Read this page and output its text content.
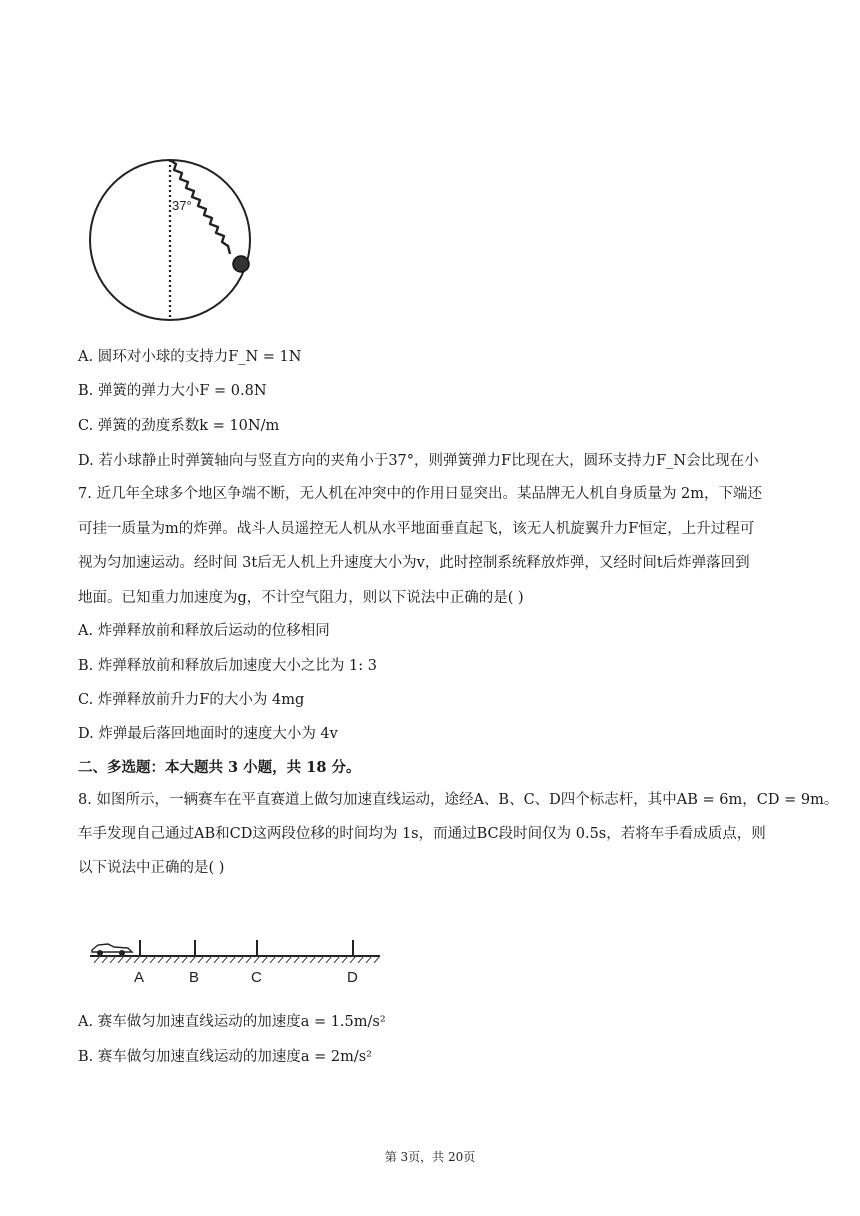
37°
A. 圆环对小球的支持力F_N = 1N
B. 弹簧的弹力大小F = 0.8N
C. 弹簧的劲度系数k = 10N/m
D. 若小球静止时弹簧轴向与竖直方向的夹角小于37°，则弹簧弹力F比现在大，圆环支持力F_N会比现在小
7. 近几年全球多个地区争端不断，无人机在冲突中的作用日显突出。某品牌无人机自身质量为 2m，下端还
可挂一质量为m的炸弹。战斗人员遥控无人机从水平地面垂直起飞，该无人机旋翼升力F恒定，上升过程可
视为匀加速运动。经时间 3t后无人机上升速度大小为v，此时控制系统释放炸弹，又经时间t后炸弹落回到
地面。已知重力加速度为g，不计空气阻力，则以下说法中正确的是( )
A. 炸弹释放前和释放后运动的位移相同
B. 炸弹释放前和释放后加速度大小之比为 1: 3
C. 炸弹释放前升力F的大小为 4mg
D. 炸弹最后落回地面时的速度大小为 4v
二、多选题：本大题共 3 小题，共 18 分。
8. 如图所示，一辆赛车在平直赛道上做匀加速直线运动，途经A、B、C、D四个标志杆，其中AB = 6m，CD = 9m。
车手发现自己通过AB和CD这两段位移的时间均为 1s，而通过BC段时间仅为 0.5s，若将车手看成质点，则
以下说法中正确的是( )
A	B	C	D
A. 赛车做匀加速直线运动的加速度a = 1.5m/s²
B. 赛车做匀加速直线运动的加速度a = 2m/s²
第 3页，共 20页
